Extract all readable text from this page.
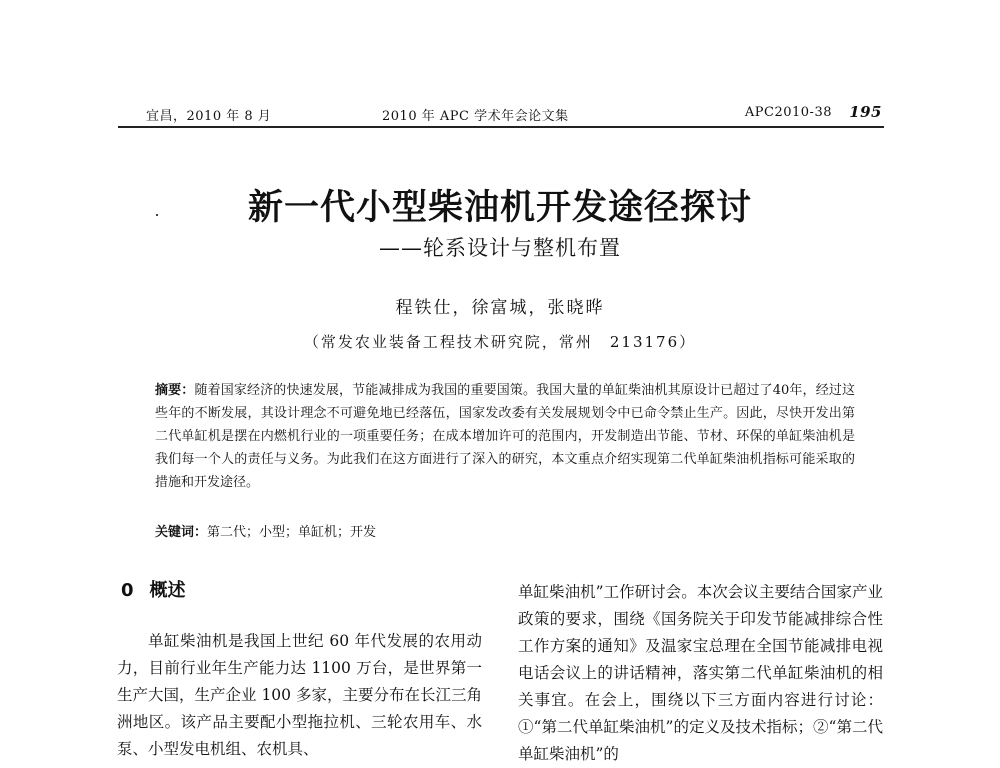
宜昌，2010 年 8 月	2010 年 APC 学术年会论文集	APC2010-38 195
新一代小型柴油机开发途径探讨
——轮系设计与整机布置
程铁仕，徐富城，张晓晔
（常发农业装备工程技术研究院，常州　213176）
摘要：随着国家经济的快速发展，节能减排成为我国的重要国策。我国大量的单缸柴油机其原设计已超过了40年，经过这些年的不断发展，其设计理念不可避免地已经落伍，国家发改委有关发展规划令中已命令禁止生产。因此，尽快开发出第二代单缸机是摆在内燃机行业的一项重要任务；在成本增加许可的范围内，开发制造出节能、节材、环保的单缸柴油机是我们每一个人的责任与义务。为此我们在这方面进行了深入的研究，本文重点介绍实现第二代单缸柴油机指标可能采取的措施和开发途径。
关键词：第二代；小型；单缸机；开发
0 概述

单缸柴油机是我国上世纪 60 年代发展的农用动力，目前行业年生产能力达 1100 万台，是世界第一生产大国，生产企业 100 多家，主要分布在长江三角洲地区。该产品主要配小型拖拉机、三轮农用车、水泵、小型发电机组、农机具、

单缸柴油机”工作研讨会。本次会议主要结合国家产业政策的要求，围绕《国务院关于印发节能减排综合性工作方案的通知》及温家宝总理在全国节能减排电视电话会议上的讲话精神，落实第二代单缸柴油机的相关事宜。在会上，围绕以下三方面内容进行讨论：①“第二代单缸柴油机”的定义及技术指标；②“第二代单缸柴油机”的
